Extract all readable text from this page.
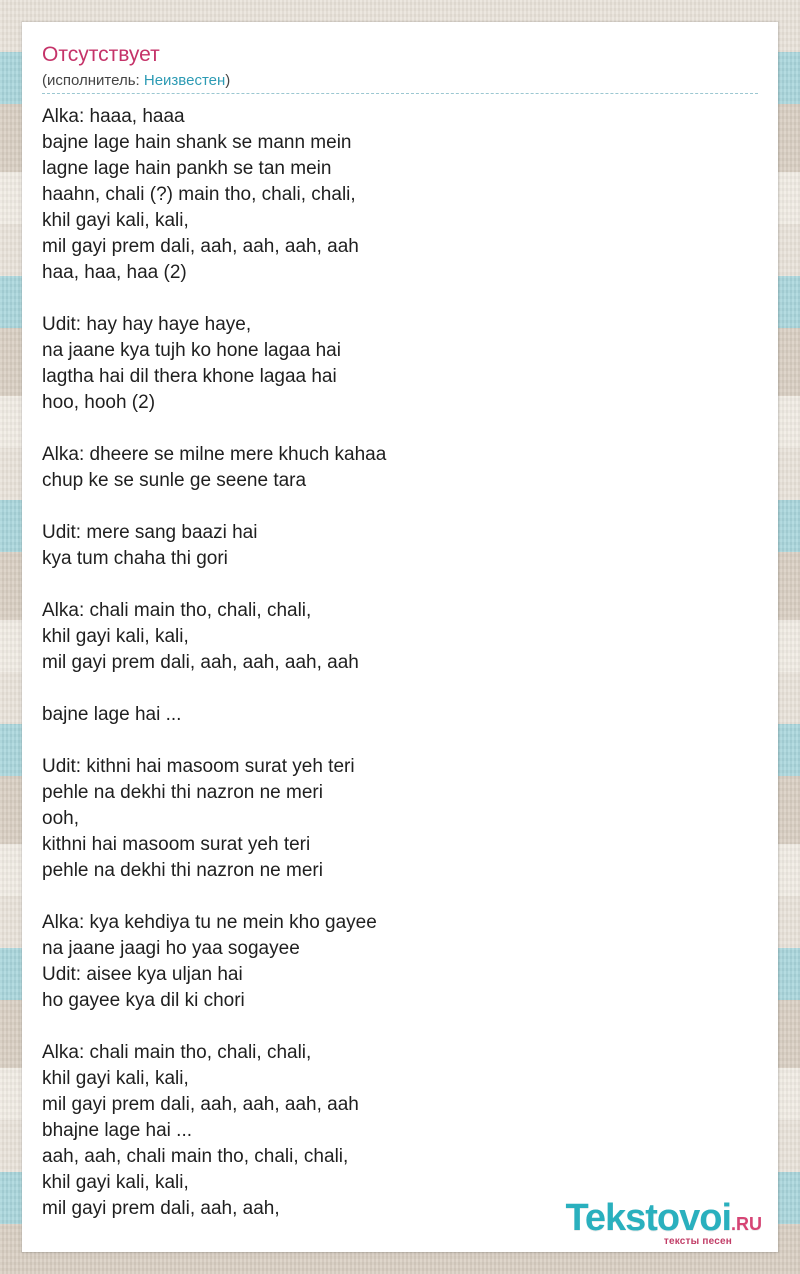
Отсутствует
(исполнитель: Неизвестен)
Alka: haaa, haaa
bajne lage hain shank se mann mein
lagne lage hain pankh se tan mein
haahn, chali (?) main tho, chali, chali,
khil gayi kali, kali,
mil gayi prem dali, aah, aah, aah, aah
haa, haa, haa (2)
Udit: hay hay haye haye,
na jaane kya tujh ko hone lagaa hai
lagtha hai dil thera khone lagaa hai
hoo, hooh (2)
Alka: dheere se milne mere khuch kahaa
chup ke se sunle ge seene tara
Udit: mere sang baazi hai
kya tum chaha thi gori
Alka: chali main tho, chali, chali,
khil gayi kali, kali,
mil gayi prem dali, aah, aah, aah, aah
bajne lage hai ...
Udit: kithni hai masoom surat yeh teri
pehle na dekhi thi nazron ne meri
ooh,
kithni hai masoom surat yeh teri
pehle na dekhi thi nazron ne meri
Alka: kya kehdiya tu ne mein kho gayee
na jaane jaagi ho yaa sogayee
Udit: aisee kya uljan hai
ho gayee kya dil ki chori
Alka: chali main tho, chali, chali,
khil gayi kali, kali,
mil gayi prem dali, aah, aah, aah, aah
bhajne lage hai ...
aah, aah, chali main tho, chali, chali,
khil gayi kali, kali,
mil gayi prem dali, aah, aah,	Tekstovoi.RU
тексты песен
